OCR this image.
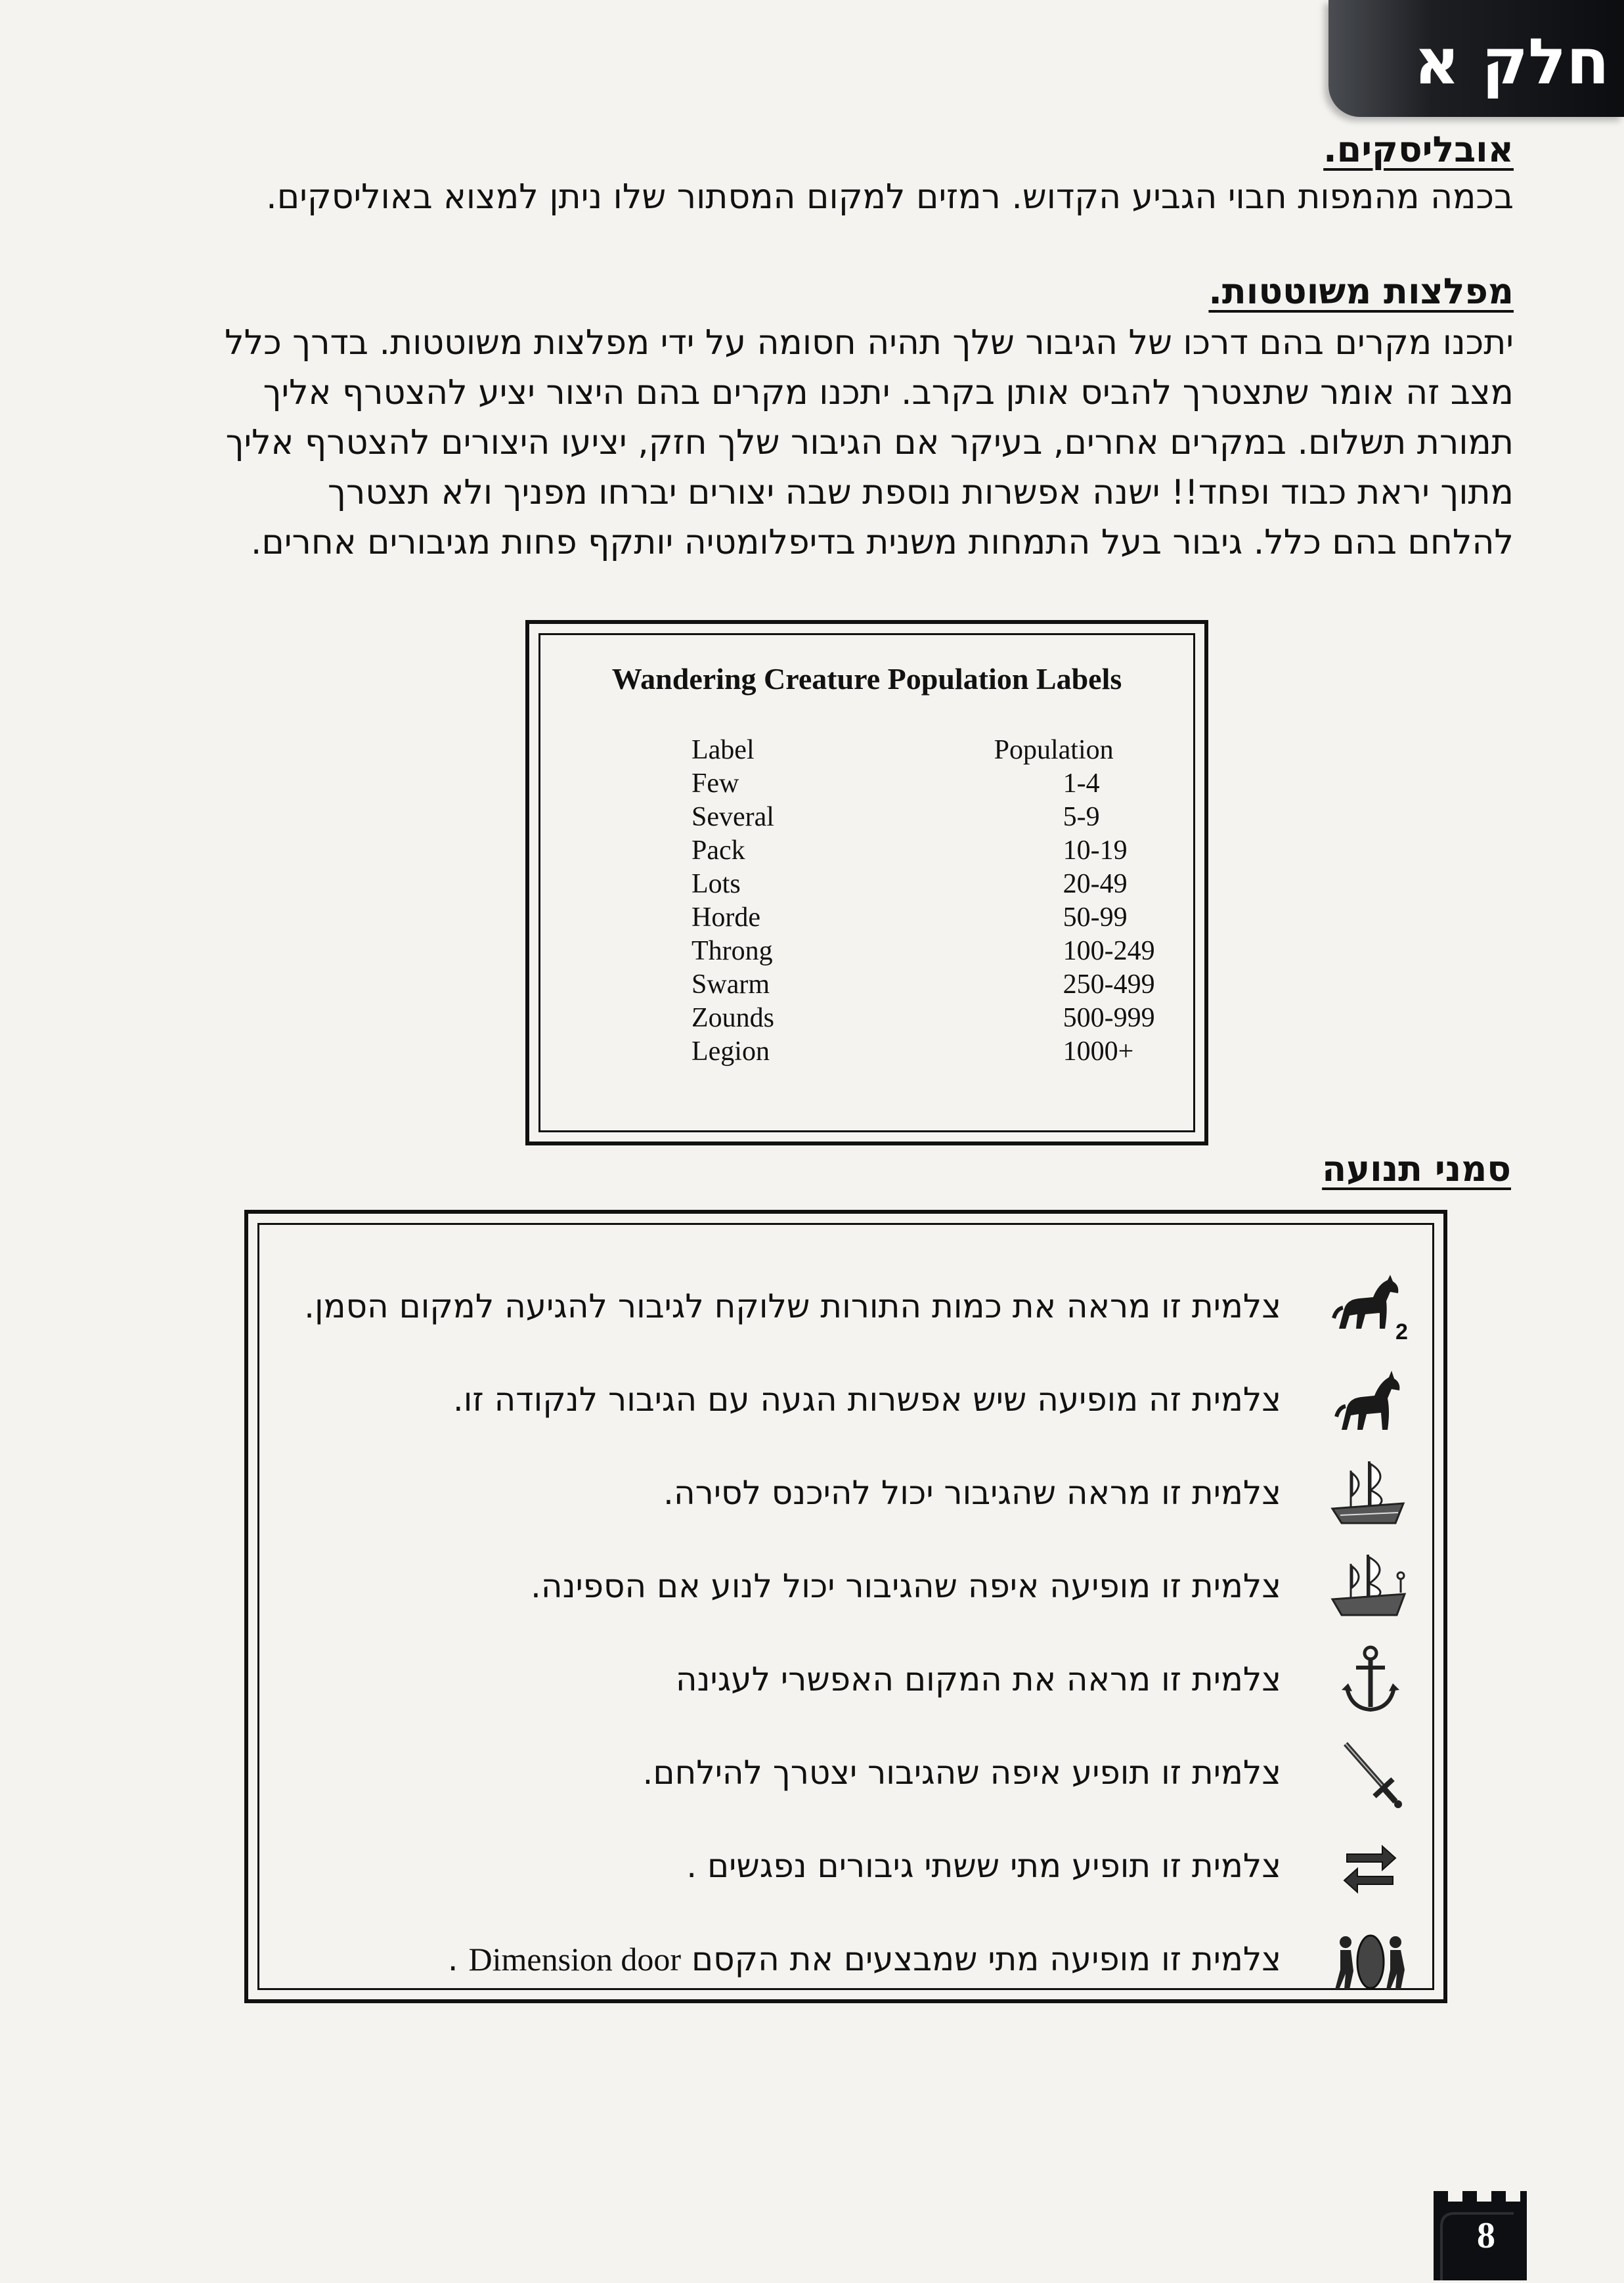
חלק א
אובליסקים.
בכמה מהמפות חבוי הגביע הקדוש. רמזים למקום המסתור שלו ניתן למצוא באוליסקים.
מפלצות משוטטות.
יתכנו מקרים בהם דרכו של הגיבור שלך תהיה חסומה על ידי מפלצות משוטטות. בדרך כלל
מצב זה אומר שתצטרך להביס אותן בקרב. יתכנו מקרים בהם היצור יציע להצטרף אליך
תמורת תשלום. במקרים אחרים, בעיקר אם הגיבור שלך חזק, יציעו היצורים להצטרף אליך
מתוך יראת כבוד ופחד!! ישנה אפשרות נוספת שבה יצורים יברחו מפניך ולא תצטרך
להלחם בהם כלל. גיבור בעל התמחות משנית בדיפלומטיה יותקף פחות מגיבורים אחרים.
Wandering Creature Population Labels
Label	Population
Few	1-4
Several	5-9
Pack	10-19
Lots	20-49
Horde	50-99
Throng	100-249
Swarm	250-499
Zounds	500-999
Legion	1000+
סמני תנועה
2
צלמית זו מראה את כמות התורות שלוקח לגיבור להגיעה למקום הסמן.
צלמית זה מופיעה שיש אפשרות הגעה עם הגיבור לנקודה זו.
צלמית זו מראה שהגיבור יכול להיכנס לסירה.
צלמית זו מופיעה איפה שהגיבור יכול לנוע אם הספינה.
צלמית זו מראה את המקום האפשרי לעגינה
צלמית זו תופיע איפה שהגיבור יצטרך להילחם.
צלמית זו תופיע מתי ששתי גיבורים נפגשים .
צלמית זו מופיעה מתי שמבצעים את הקסם Dimension door .
8
